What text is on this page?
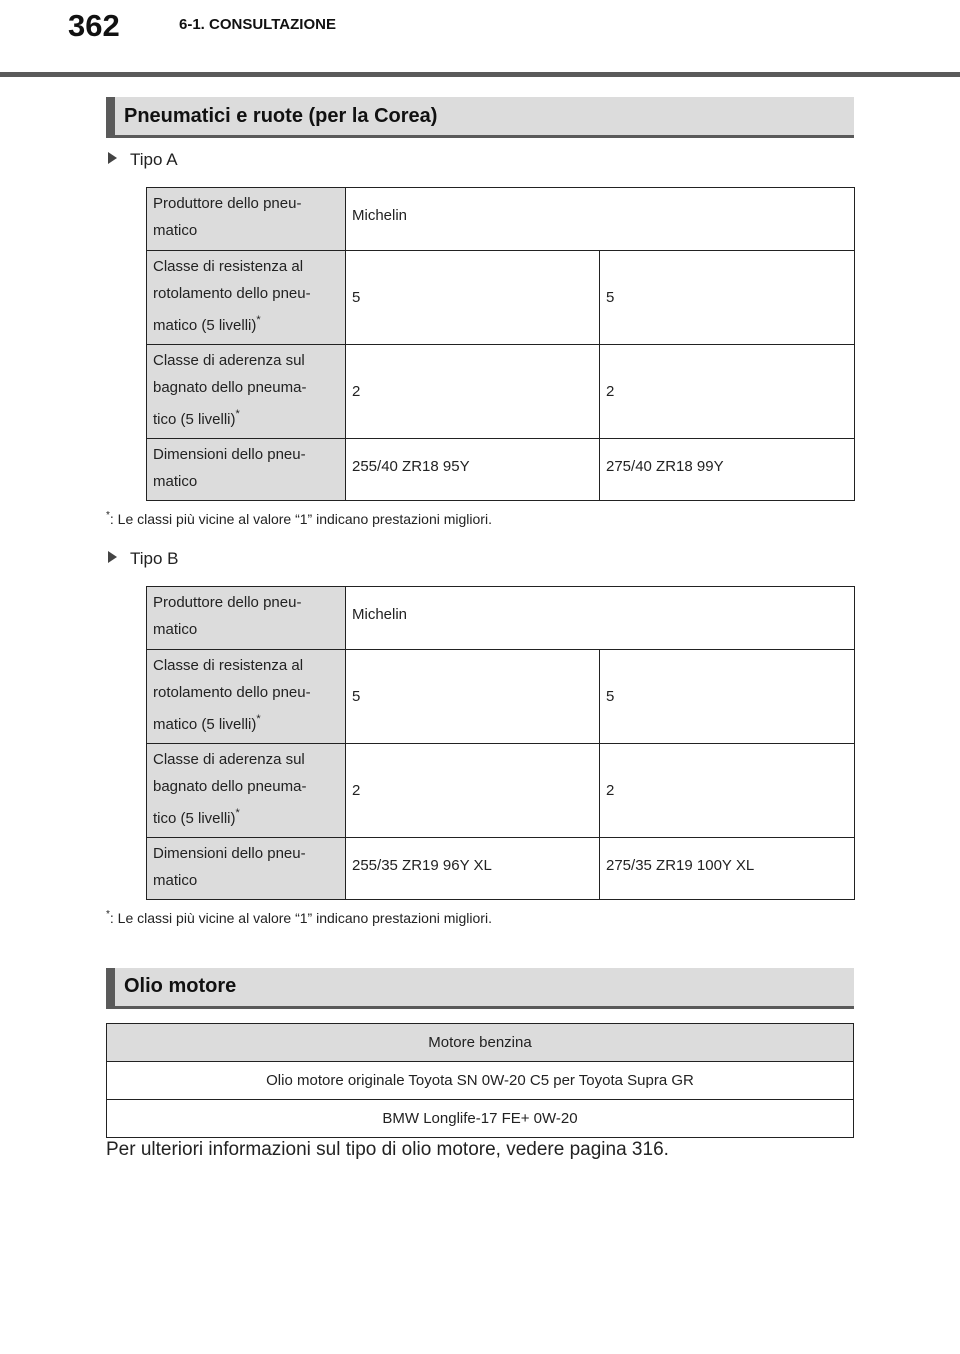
362	6-1. CONSULTAZIONE
Pneumatici e ruote (per la Corea)
Tipo A
Produttore dello pneu-
matico	Michelin	

Classe di resistenza al
rotolamento dello pneu-
matico (5 livelli)*	5	5

Classe di aderenza sul
bagnato dello pneuma-
tico (5 livelli)*	2	2

Dimensioni dello pneu-
matico	255/40 ZR18 95Y	275/40 ZR18 99Y
*: Le classi più vicine al valore “1” indicano prestazioni migliori.
Tipo B
Produttore dello pneu-
matico	Michelin	

Classe di resistenza al
rotolamento dello pneu-
matico (5 livelli)*	5	5

Classe di aderenza sul
bagnato dello pneuma-
tico (5 livelli)*	2	2

Dimensioni dello pneu-
matico	255/35 ZR19 96Y XL	275/35 ZR19 100Y XL
*: Le classi più vicine al valore “1” indicano prestazioni migliori.
Olio motore
Motore benzina
Olio motore originale Toyota SN 0W-20 C5 per Toyota Supra GR
BMW Longlife-17 FE+ 0W-20
Per ulteriori informazioni sul tipo di olio motore, vedere pagina 316.
